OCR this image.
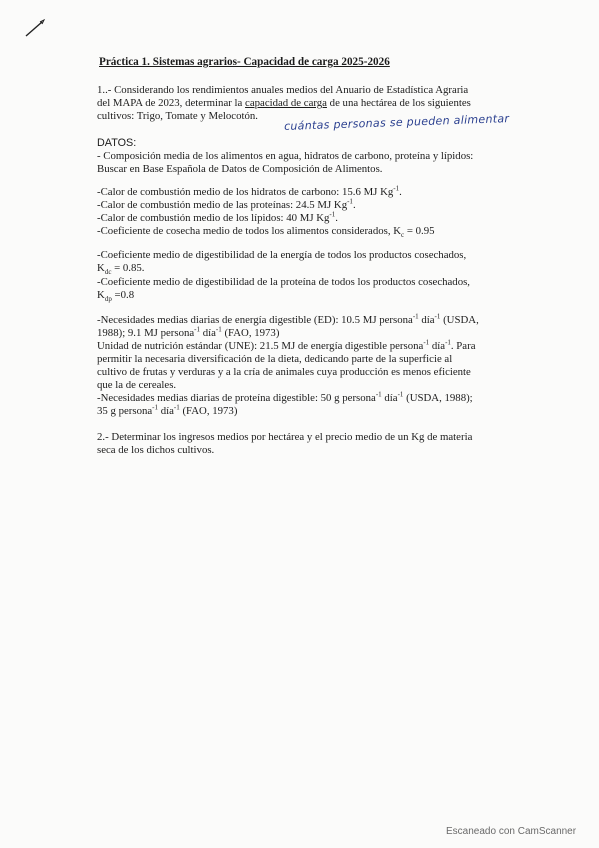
Práctica 1. Sistemas agrarios- Capacidad de carga 2025-2026
1..- Considerando los rendimientos anuales medios del Anuario de Estadística Agraria
del MAPA de 2023, determinar la capacidad de carga de una hectárea de los siguientes
cultivos: Trigo, Tomate y Melocotón.	cuántas personas se pueden alimentar
DATOS:
- Composición media de los alimentos en agua, hidratos de carbono, proteína y lípidos:
Buscar en Base Española de Datos de Composición de Alimentos.
-Calor de combustión medio de los hidratos de carbono: 15.6 MJ $Kg^{-1}$.
-Calor de combustión medio de las proteínas: 24.5 MJ $Kg^{-1}$.
-Calor de combustión medio de los lípidos: 40 MJ $Kg^{-1}$.
-Coeficiente de cosecha medio de todos los alimentos considerados, $K_c = 0.95$
-Coeficiente medio de digestibilidad de la energía de todos los productos cosechados,
$K_{dc} = 0.85$.
-Coeficiente medio de digestibilidad de la proteína de todos los productos cosechados,
$K_{dp} =0.8$
-Necesidades medias diarias de energía digestible (ED): 10.5 MJ persona$^{-1}$ día$^{-1}$ (USDA,
1988); 9.1 MJ persona$^{-1}$ día$^{-1}$ (FAO, 1973)
Unidad de nutrición estándar (UNE): 21.5 MJ de energía digestible persona$^{-1}$ día$^{-1}$. Para
permitir la necesaria diversificación de la dieta, dedicando parte de la superficie al
cultivo de frutas y verduras y a la cría de animales cuya producción es menos eficiente
que la de cereales.
-Necesidades medias diarias de proteína digestible: 50 g persona$^{-1}$ día$^{-1}$ (USDA, 1988);
35 g persona$^{-1}$ día$^{-1}$ (FAO, 1973)
2.- Determinar los ingresos medios por hectárea y el precio medio de un Kg de materia
seca de los dichos cultivos.
Escaneado con CamScanner
